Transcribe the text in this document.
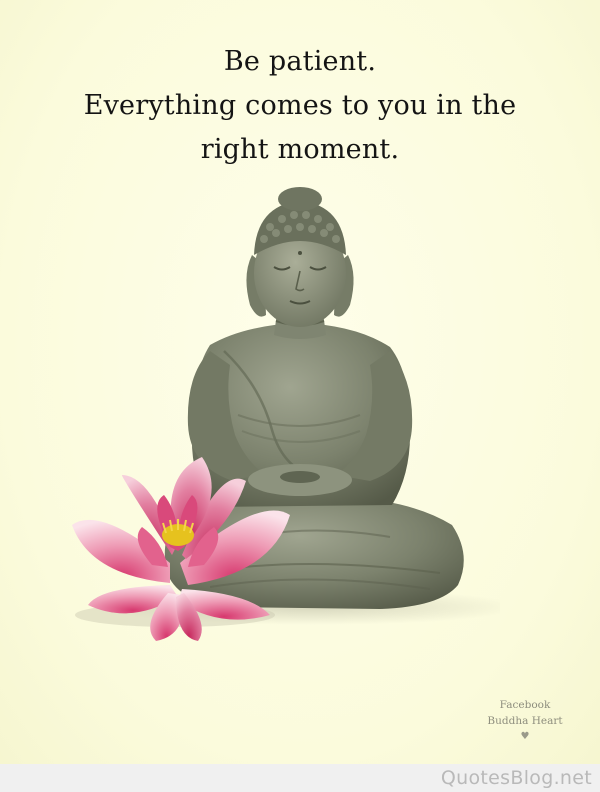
Be patient.
Everything comes to you in the
right moment.
Facebook
Buddha Heart
♥
QuotesBlog.net
